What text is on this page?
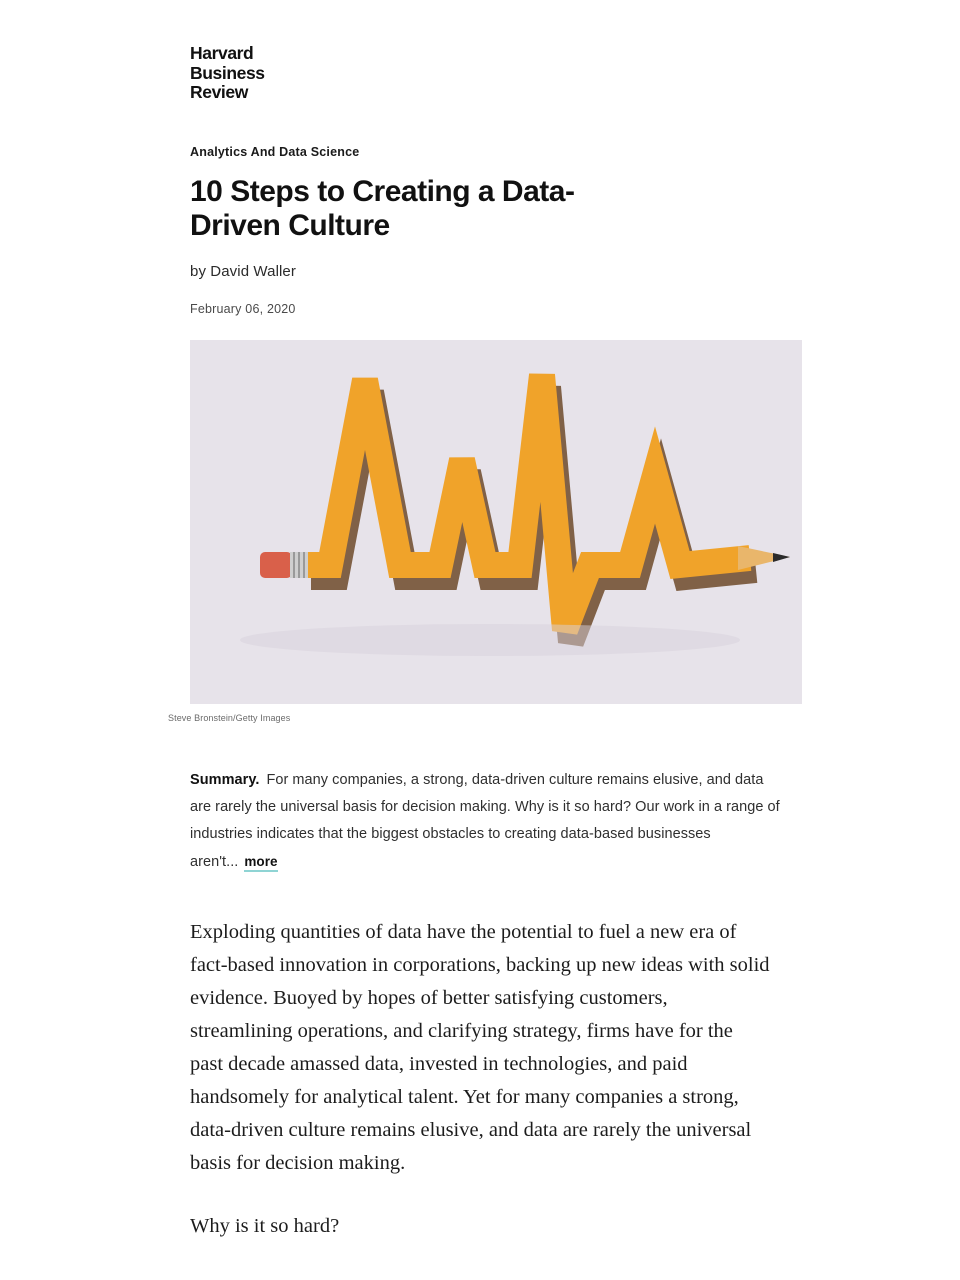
Harvard
Business
Review
Analytics And Data Science
10 Steps to Creating a Data-Driven Culture
by David Waller
February 06, 2020
Steve Bronstein/Getty Images
Summary. For many companies, a strong, data-driven culture remains elusive, and data are rarely the universal basis for decision making. Why is it so hard? Our work in a range of industries indicates that the biggest obstacles to creating data-based businesses aren't... more

Exploding quantities of data have the potential to fuel a new era of fact-based innovation in corporations, backing up new ideas with solid evidence. Buoyed by hopes of better satisfying customers, streamlining operations, and clarifying strategy, firms have for the past decade amassed data, invested in technologies, and paid handsomely for analytical talent. Yet for many companies a strong, data-driven culture remains elusive, and data are rarely the universal basis for decision making.

Why is it so hard?
